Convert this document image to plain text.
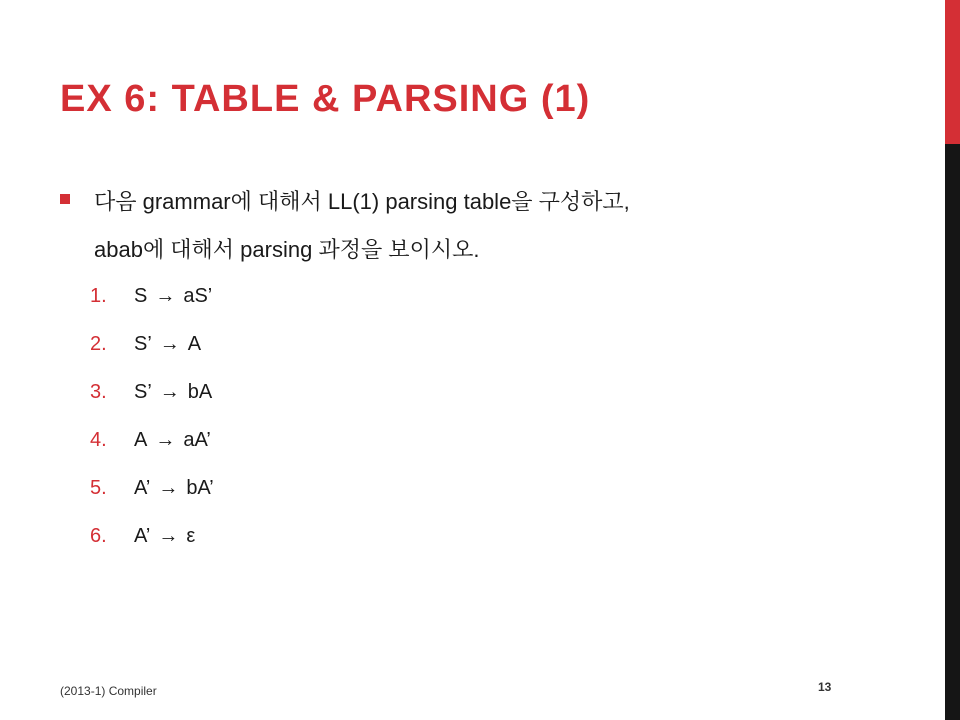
EX 6: TABLE & PARSING (1)
다음 grammar에 대해서 LL(1) parsing table을 구성하고,
abab에 대해서 parsing 과정을 보이시오.
1.	S → aS’
2.	S’ → A
3.	S’ → bA
4.	A → aA’
5.	A’ → bA’
6.	A’ → ε
(2013-1) Compiler	13
